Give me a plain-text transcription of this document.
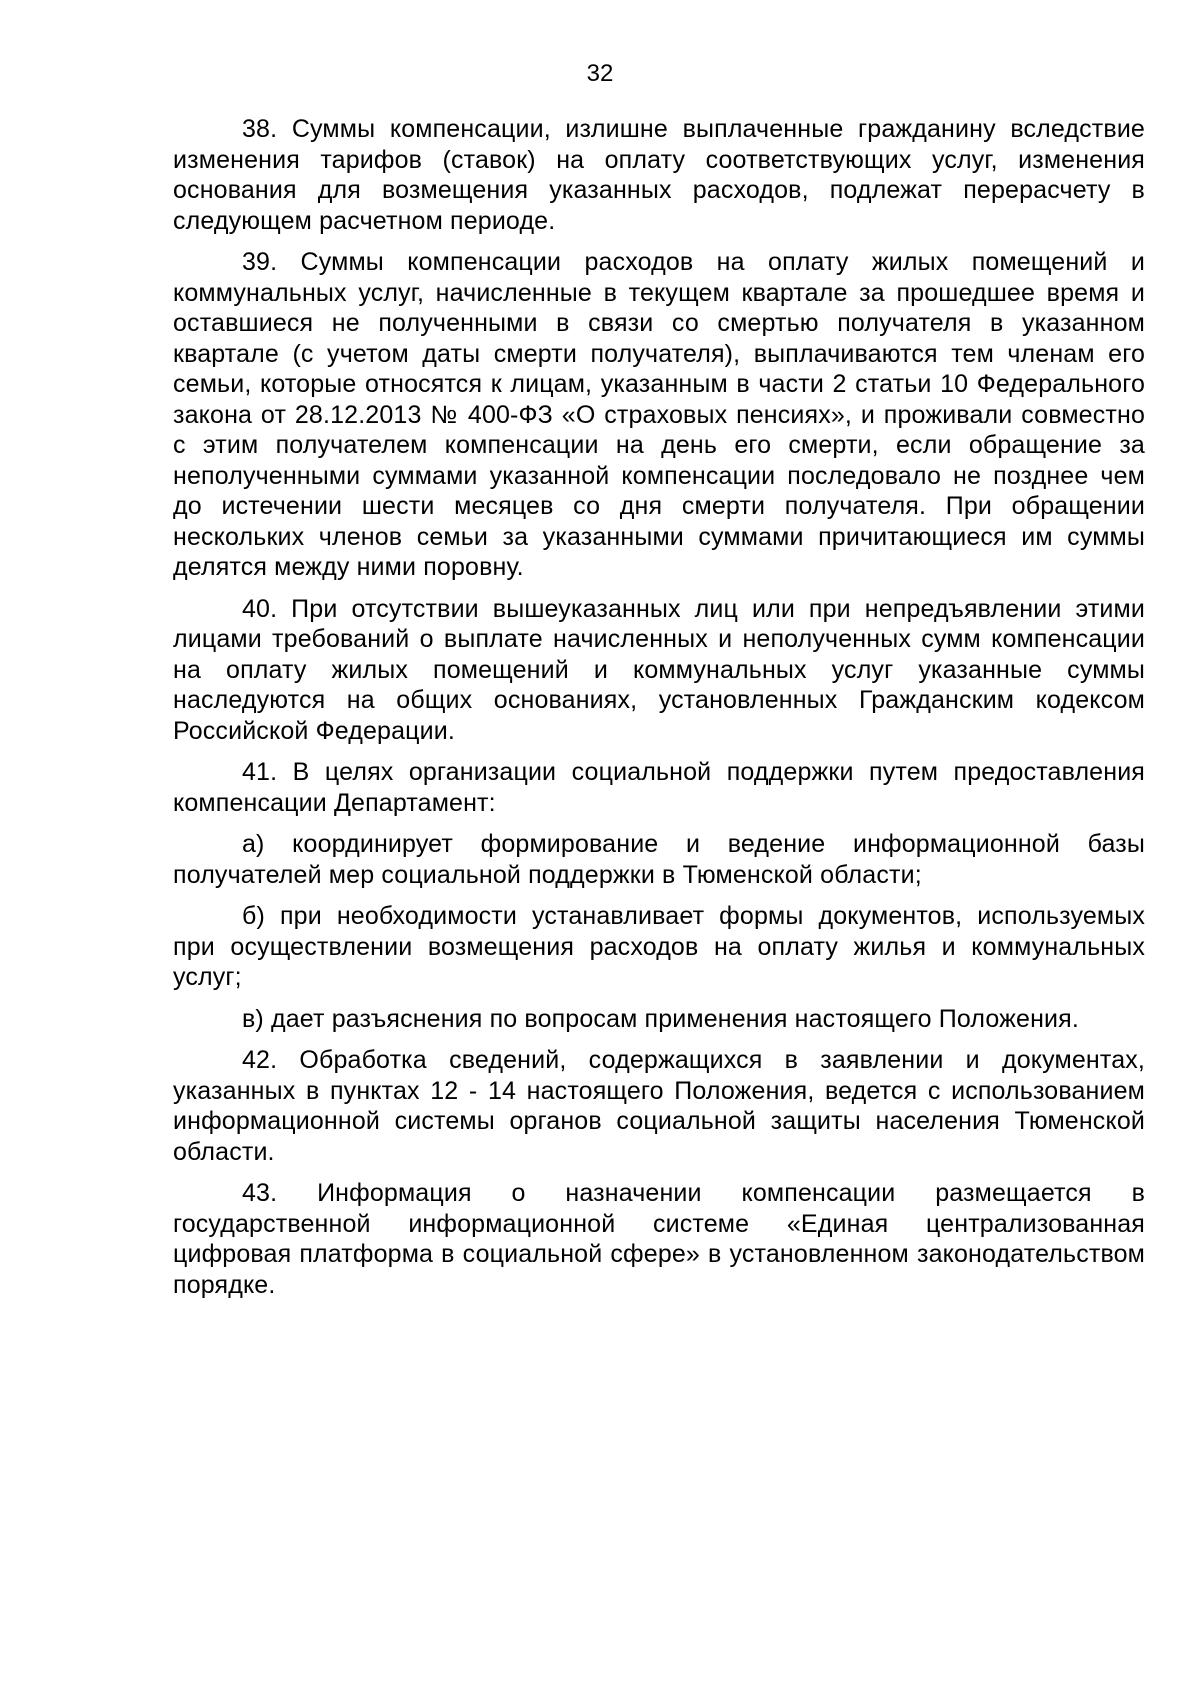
32

38. Суммы компенсации, излишне выплаченные гражданину вследствие изменения тарифов (ставок) на оплату соответствующих услуг, изменения основания для возмещения указанных расходов, подлежат перерасчету в следующем расчетном периоде.

39. Суммы компенсации расходов на оплату жилых помещений и коммунальных услуг, начисленные в текущем квартале за прошедшее время и оставшиеся не полученными в связи со смертью получателя в указанном квартале (с учетом даты смерти получателя), выплачиваются тем членам его семьи, которые относятся к лицам, указанным в части 2 статьи 10 Федерального закона от 28.12.2013 № 400-ФЗ «О страховых пенсиях», и проживали совместно с этим получателем компенсации на день его смерти, если обращение за неполученными суммами указанной компенсации последовало не позднее чем до истечении шести месяцев со дня смерти получателя. При обращении нескольких членов семьи за указанными суммами причитающиеся им суммы делятся между ними поровну.

40. При отсутствии вышеуказанных лиц или при непредъявлении этими лицами требований о выплате начисленных и неполученных сумм компенсации на оплату жилых помещений и коммунальных услуг указанные суммы наследуются на общих основаниях, установленных Гражданским кодексом Российской Федерации.

41. В целях организации социальной поддержки путем предоставления компенсации Департамент:

а) координирует формирование и ведение информационной базы получателей мер социальной поддержки в Тюменской области;

б) при необходимости устанавливает формы документов, используемых при осуществлении возмещения расходов на оплату жилья и коммунальных услуг;

в) дает разъяснения по вопросам применения настоящего Положения.

42. Обработка сведений, содержащихся в заявлении и документах, указанных в пунктах 12 - 14 настоящего Положения, ведется с использованием информационной системы органов социальной защиты населения Тюменской области.

43. Информация о назначении компенсации размещается в государственной информационной системе «Единая централизованная цифровая платформа в социальной сфере» в установленном законодательством порядке.
